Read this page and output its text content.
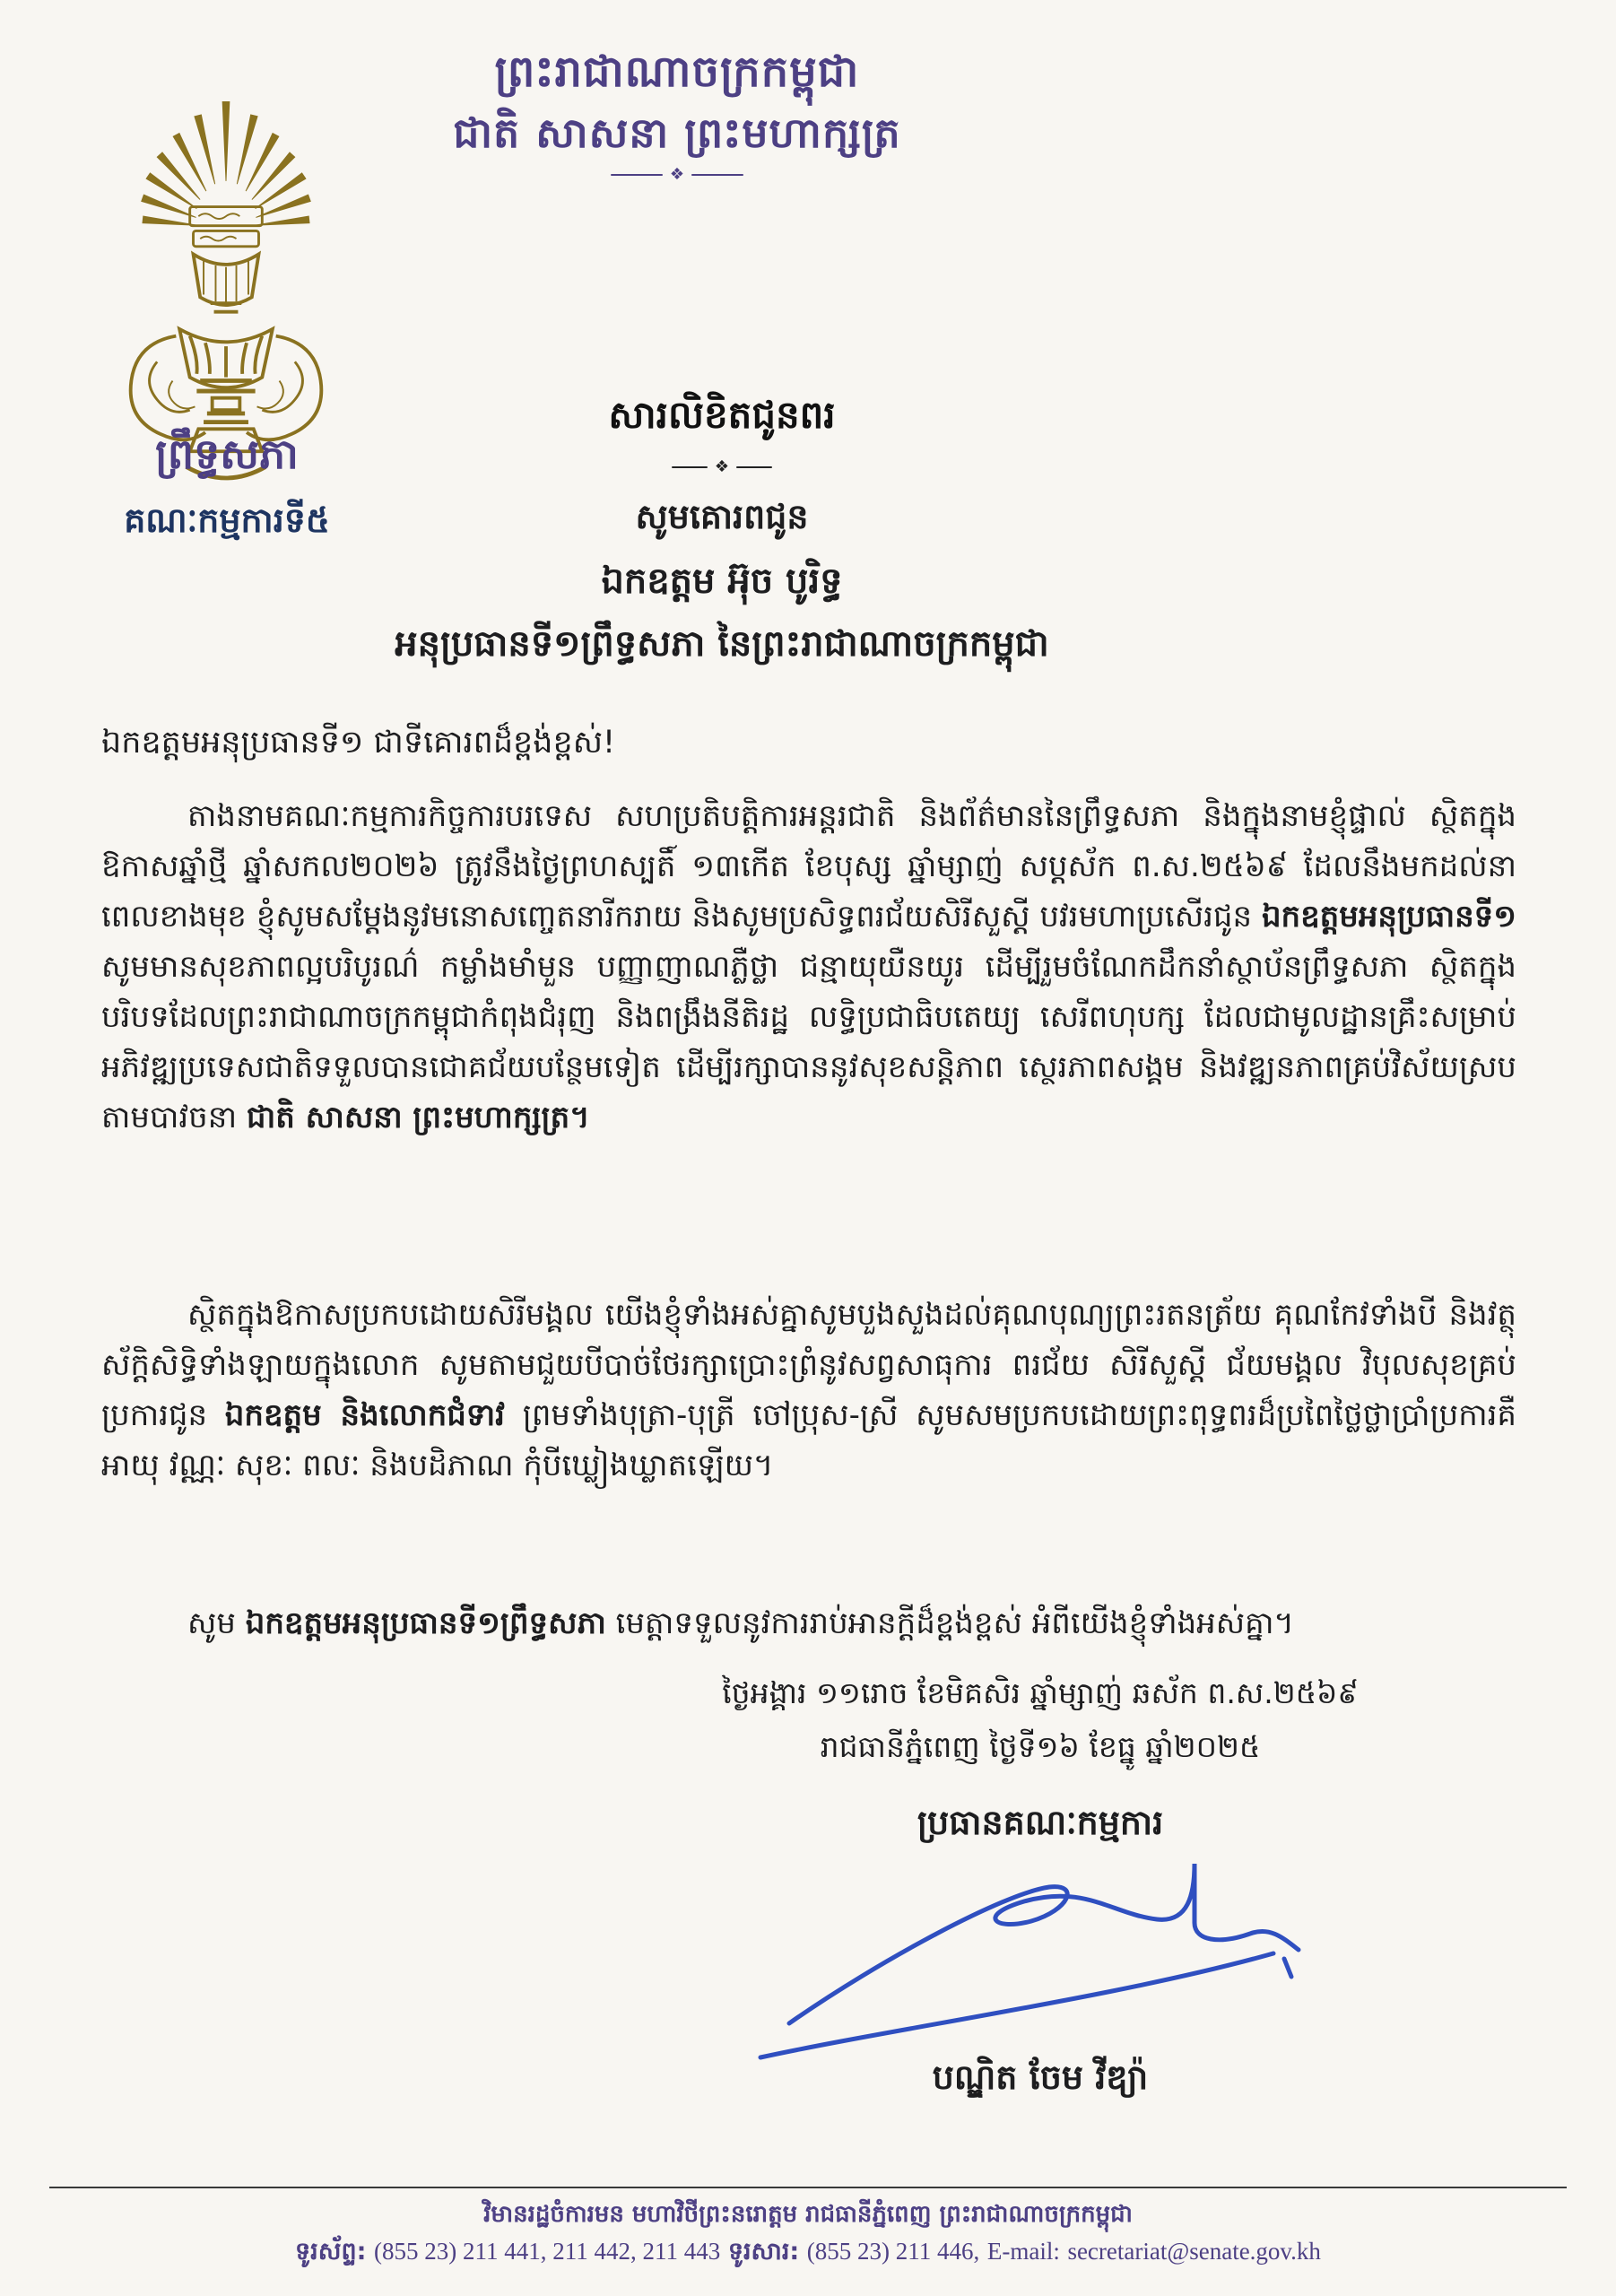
ព្រះរាជាណាចក្រកម្ពុជា
ជាតិ សាសនា ព្រះមហាក្សត្រ
❖
ព្រឹទ្ធសភា
គណៈកម្មការទី៥
សារលិខិតជូនពរ
❖
សូមគោរពជូន
ឯកឧត្តម អ៊ុច បូរិទ្ធ
អនុប្រធានទី១ព្រឹទ្ធសភា នៃព្រះរាជាណាចក្រកម្ពុជា
ឯកឧត្តមអនុប្រធានទី១ ជាទីគោរពដ៏ខ្ពង់ខ្ពស់!

តាងនាមគណៈកម្មការកិច្ចការបរទេស សហប្រតិបត្តិការអន្តរជាតិ និងព័ត៌មាននៃព្រឹទ្ធសភា និងក្នុងនាមខ្ញុំផ្ទាល់ ស្ថិតក្នុងឱកាសឆ្នាំថ្មី ឆ្នាំសកល២០២៦ ត្រូវនឹងថ្ងៃព្រហស្បតិ៍ ១៣កើត ខែបុស្ស ឆ្នាំម្សាញ់ សប្តស័ក ព.ស.២៥៦៩ ដែលនឹងមកដល់នាពេលខាងមុខ ខ្ញុំសូមសម្តែងនូវមនោសញ្ចេតនារីករាយ និងសូមប្រសិទ្ធពរជ័យសិរីសួស្តី បវរមហាប្រសើរជូន ឯកឧត្តមអនុប្រធានទី១ សូមមានសុខភាពល្អបរិបូរណ៌ កម្លាំងមាំមួន បញ្ញាញាណភ្លឺថ្លា ជន្មាយុយឺនយូរ ដើម្បីរួមចំណែកដឹកនាំស្ថាប័នព្រឹទ្ធសភា ស្ថិតក្នុងបរិបទដែលព្រះរាជាណាចក្រកម្ពុជាកំពុងជំរុញ និងពង្រឹងនីតិរដ្ឋ លទ្ធិប្រជាធិបតេយ្យ សេរីពហុបក្ស ដែលជាមូលដ្ឋានគ្រឹះសម្រាប់អភិវឌ្ឍប្រទេសជាតិទទួលបានជោគជ័យបន្ថែមទៀត ដើម្បីរក្សាបាននូវសុខសន្តិភាព ស្ថេរភាពសង្គម និងវឌ្ឍនភាពគ្រប់វិស័យស្របតាមបាវចនា ជាតិ សាសនា ព្រះមហាក្សត្រ។

ស្ថិតក្នុងឱកាសប្រកបដោយសិរីមង្គល យើងខ្ញុំទាំងអស់គ្នាសូមបួងសួងដល់គុណបុណ្យព្រះរតនត្រ័យ គុណកែវទាំងបី និងវត្ថុស័ក្តិសិទ្ធិទាំងឡាយក្នុងលោក សូមតាមជួយបីបាច់ថែរក្សាប្រោះព្រំនូវសព្វសាធុការ ពរជ័យ សិរីសួស្តី ជ័យមង្គល វិបុលសុខគ្រប់ប្រការជូន ឯកឧត្តម និងលោកជំទាវ ព្រមទាំងបុត្រា-បុត្រី ចៅប្រុស-ស្រី សូមសមប្រកបដោយព្រះពុទ្ធពរដ៏ប្រពៃថ្លៃថ្លាប្រាំប្រការគឺ អាយុ វណ្ណៈ សុខៈ ពលៈ និងបដិភាណ កុំបីឃ្លៀងឃ្លាតឡើយ។

សូម ឯកឧត្តមអនុប្រធានទី១ព្រឹទ្ធសភា មេត្តាទទួលនូវការរាប់អានក្តីដ៏ខ្ពង់ខ្ពស់ អំពីយើងខ្ញុំទាំងអស់គ្នា។

ថ្ងៃអង្គារ ១១រោច ខែមិគសិរ ឆ្នាំម្សាញ់ ឆស័ក ព.ស.២៥៦៩
រាជធានីភ្នំពេញ ថ្ងៃទី១៦ ខែធ្នូ ឆ្នាំ២០២៥
ប្រធានគណៈកម្មការ
បណ្ឌិត ចែម វីឌ្យ៉ា
វិមានរដ្ឋចំការមន មហាវិថីព្រះនរោត្តម រាជធានីភ្នំពេញ ព្រះរាជាណាចក្រកម្ពុជា
ទូរស័ព្ទ: (855 23) 211 441, 211 442, 211 443 ទូរសារ: (855 23) 211 446, E-mail: secretariat@senate.gov.kh
